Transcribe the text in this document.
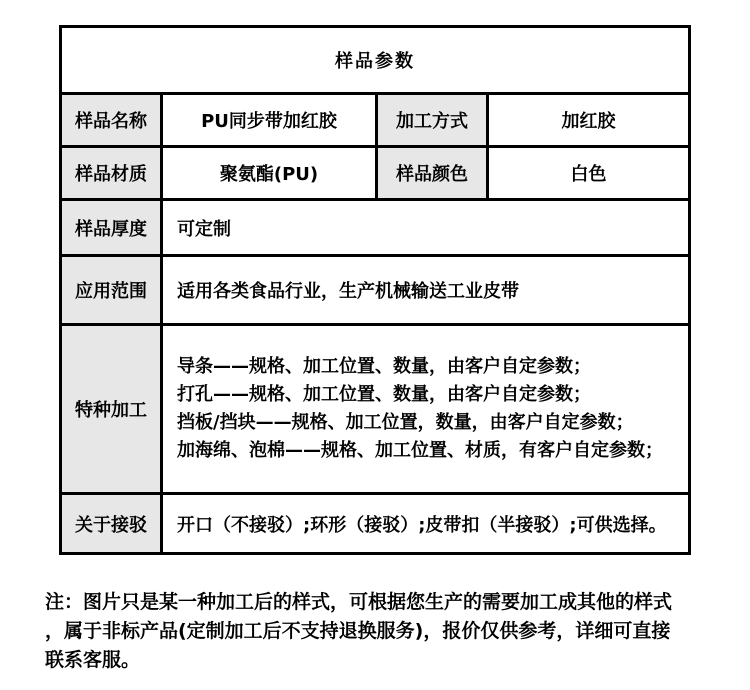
样品参数			
样品名称	PU同步带加红胶	加工方式	加红胶
样品材质	聚氨酯(PU)	样品颜色	白色
样品厚度	可定制		
应用范围	适用各类食品行业，生产机械输送工业皮带		
特种加工	导条——规格、加工位置、数量，由客户自定参数；
打孔——规格、加工位置、数量，由客户自定参数；
挡板/挡块——规格、加工位置，数量，由客户自定参数；
加海绵、泡棉——规格、加工位置、材质，有客户自定参数；		

关于接驳	开口（不接驳）;环形（接驳）;皮带扣（半接驳）;可供选择。		
注：图片只是某一种加工后的样式，可根据您生产的需要加工成其他的样式
，属于非标产品(定制加工后不支持退换服务)，报价仅供参考，详细可直接
联系客服。
